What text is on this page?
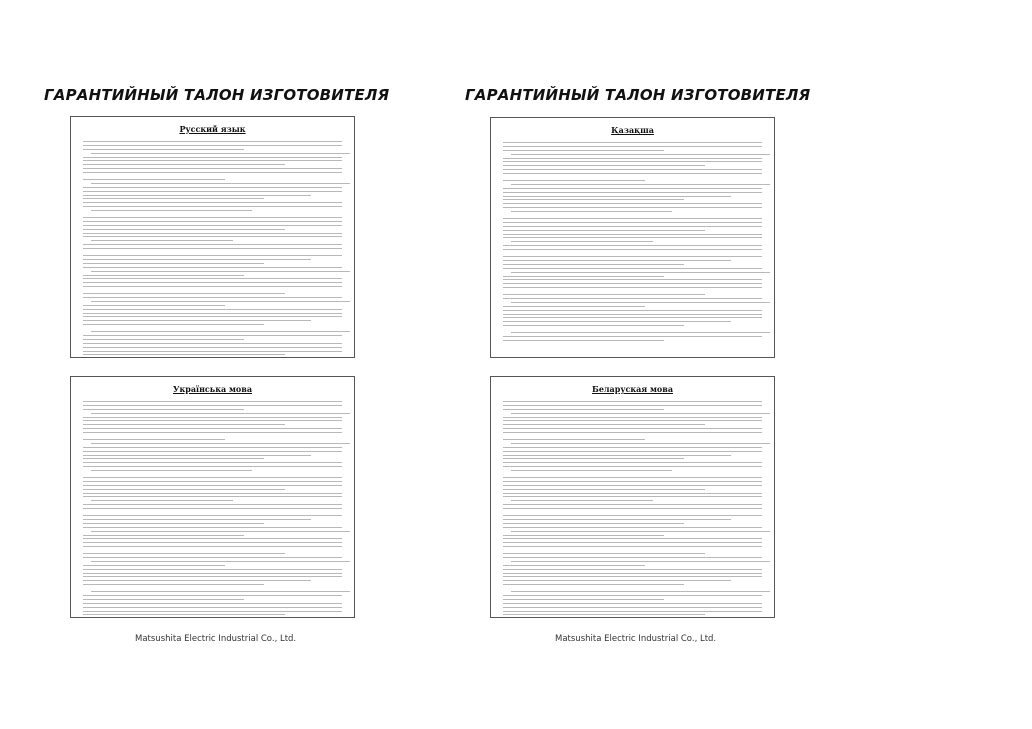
ГАРАНТИЙНЫЙ ТАЛОН ИЗГОТОВИТЕЛЯ
Русский язык
Українська мова

Matsushita Electric Industrial Co., Ltd.

ГАРАНТИЙНЫЙ ТАЛОН ИЗГОТОВИТЕЛЯ
Қазақша
Беларуская мова

Matsushita Electric Industrial Co., Ltd.
